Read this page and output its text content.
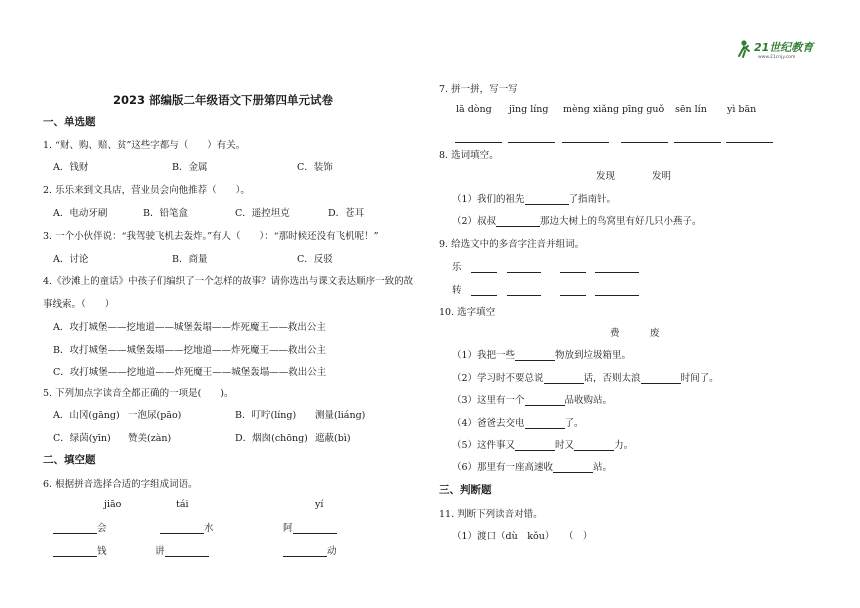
21世纪教育
www.21cnjy.com
2023 部编版二年级语文下册第四单元试卷
一、单选题
1. “财、购、赔、贫”这些字都与（　　）有关。
A．钱财	B．金属	C．装饰
2. 乐乐来到文具店，营业员会向他推荐（　　）。
A．电动牙刷	B．铅笔盒	C．遥控坦克	D．苍耳
3. 一个小伙伴说：“我驾驶飞机去轰炸。”有人（　　）：“那时候还没有飞机呢！”
A．讨论	B．商量	C．反驳
4.《沙滩上的童话》中孩子们编织了一个怎样的故事？请你选出与课文表达顺序一致的故
事线索。（　　）
A．攻打城堡——挖地道——城堡轰塌——炸死魔王——救出公主
B．攻打城堡——城堡轰塌——挖地道——炸死魔王——救出公主
C．攻打城堡——挖地道——炸死魔王——城堡轰塌——救出公主
5. 下列加点字读音全都正确的一项是(　　)。
A．山冈(gāng) 一泡尿(pāo)	B．叮咛(líng) 测量(liáng)
C．绿茵(yīn) 赞美(zàn)	D．烟囱(chōng) 遮蔽(bì)
二、填空题
6. 根据拼音选择合适的字组成词语。
jiāo	tái	yí
会	水	阿
钱	讲	动
7. 拼一拼，写一写
lā dòng jīng líng mèng xiǎng pīng guǒ sēn lín yì bān
8. 选词填空。
发现	发明
（1）我们的祖先	了指南针。
（2）叔叔	那边大树上的鸟窝里有好几只小燕子。
9. 给选文中的多音字注音并组词。
乐　　　　　
转　　　　　
10. 选字填空
费	废
（1）我把一些	物放到垃圾箱里。
（2）学习时不要总说	话，否则太浪	时间了。
（3）这里有一个	品收购站。
（4）爸爸去交电	了。
（5）这件事又	时又	力。
（6）那里有一座高速收	站。
三、判断题
11. 判断下列读音对错。
（1）渡口（dù　kǒu）　　（　）
